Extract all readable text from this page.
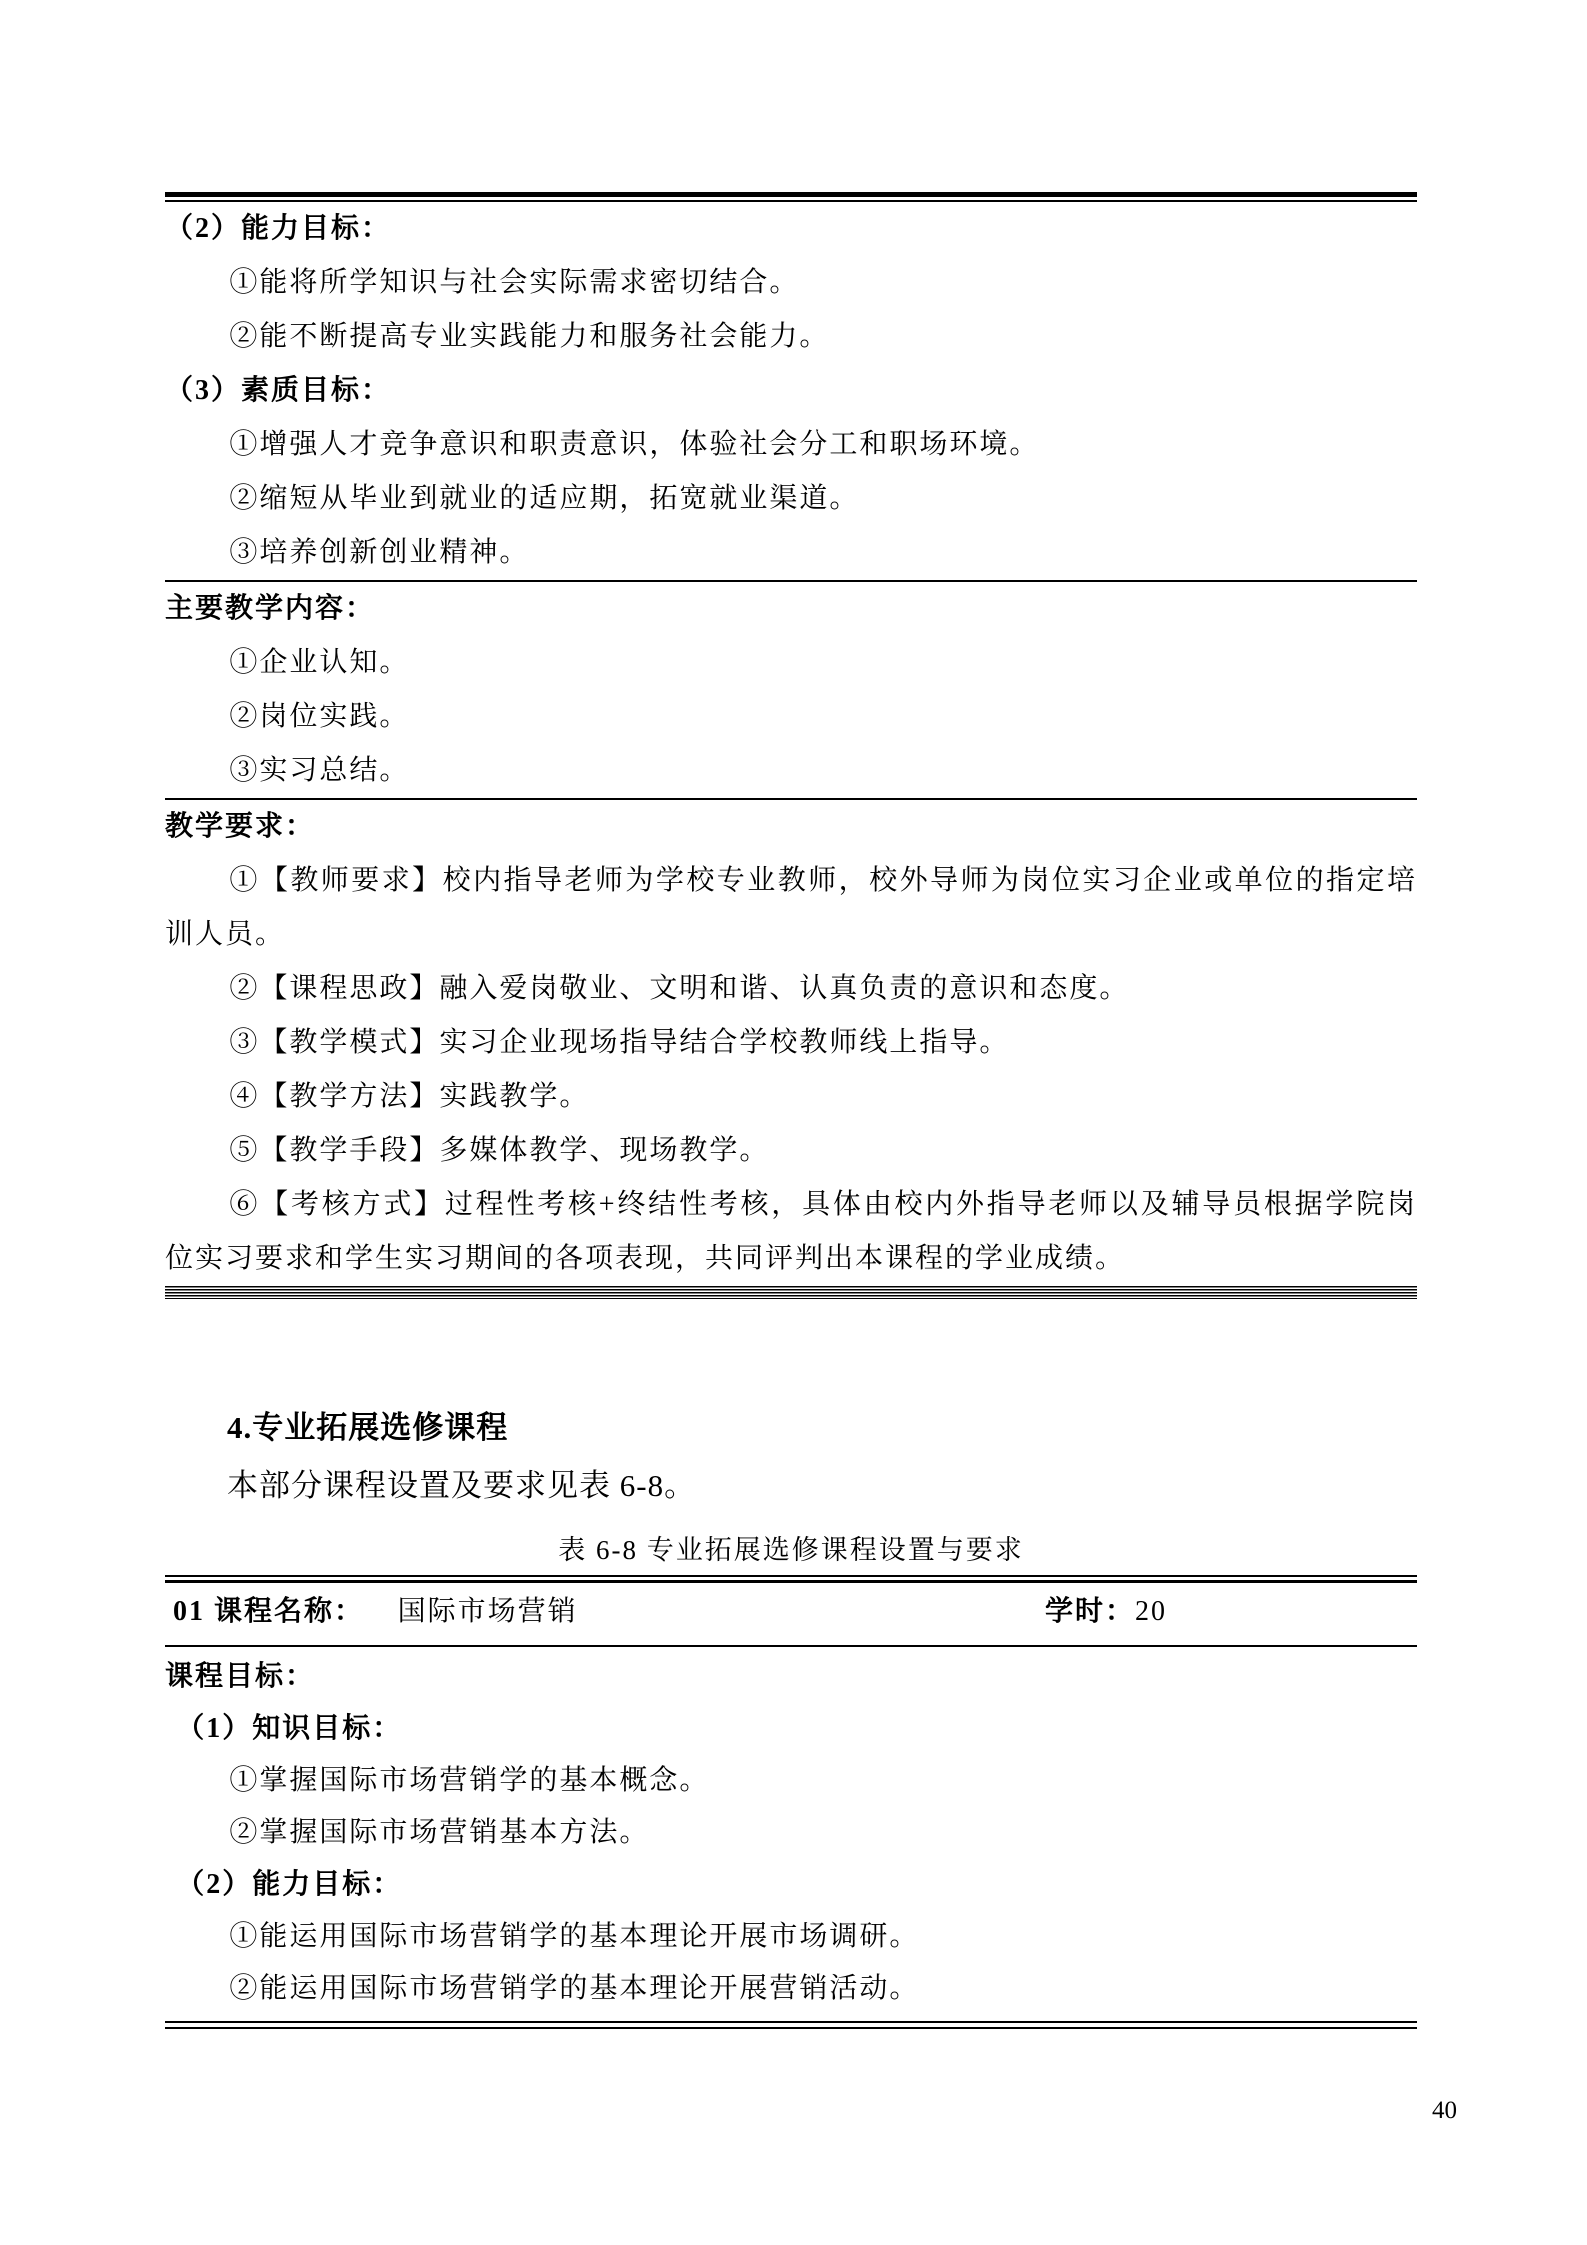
（2）能力目标：

①能将所学知识与社会实际需求密切结合。

②能不断提高专业实践能力和服务社会能力。

（3）素质目标：

①增强人才竞争意识和职责意识，体验社会分工和职场环境。

②缩短从毕业到就业的适应期，拓宽就业渠道。

③培养创新创业精神。

主要教学内容：

①企业认知。

②岗位实践。

③实习总结。

教学要求：

①【教师要求】校内指导老师为学校专业教师，校外导师为岗位实习企业或单位的指定培训人员。

②【课程思政】融入爱岗敬业、文明和谐、认真负责的意识和态度。

③【教学模式】实习企业现场指导结合学校教师线上指导。

④【教学方法】实践教学。

⑤【教学手段】多媒体教学、现场教学。

⑥【考核方式】过程性考核+终结性考核，具体由校内外指导老师以及辅导员根据学院岗位实习要求和学生实习期间的各项表现，共同评判出本课程的学业成绩。

4.专业拓展选修课程

本部分课程设置及要求见表 6-8。

表 6-8 专业拓展选修课程设置与要求

01 课程名称： 国际市场营销	学时：20

课程目标：

（1）知识目标：

①掌握国际市场营销学的基本概念。

②掌握国际市场营销基本方法。

（2）能力目标：

①能运用国际市场营销学的基本理论开展市场调研。

②能运用国际市场营销学的基本理论开展营销活动。

40
